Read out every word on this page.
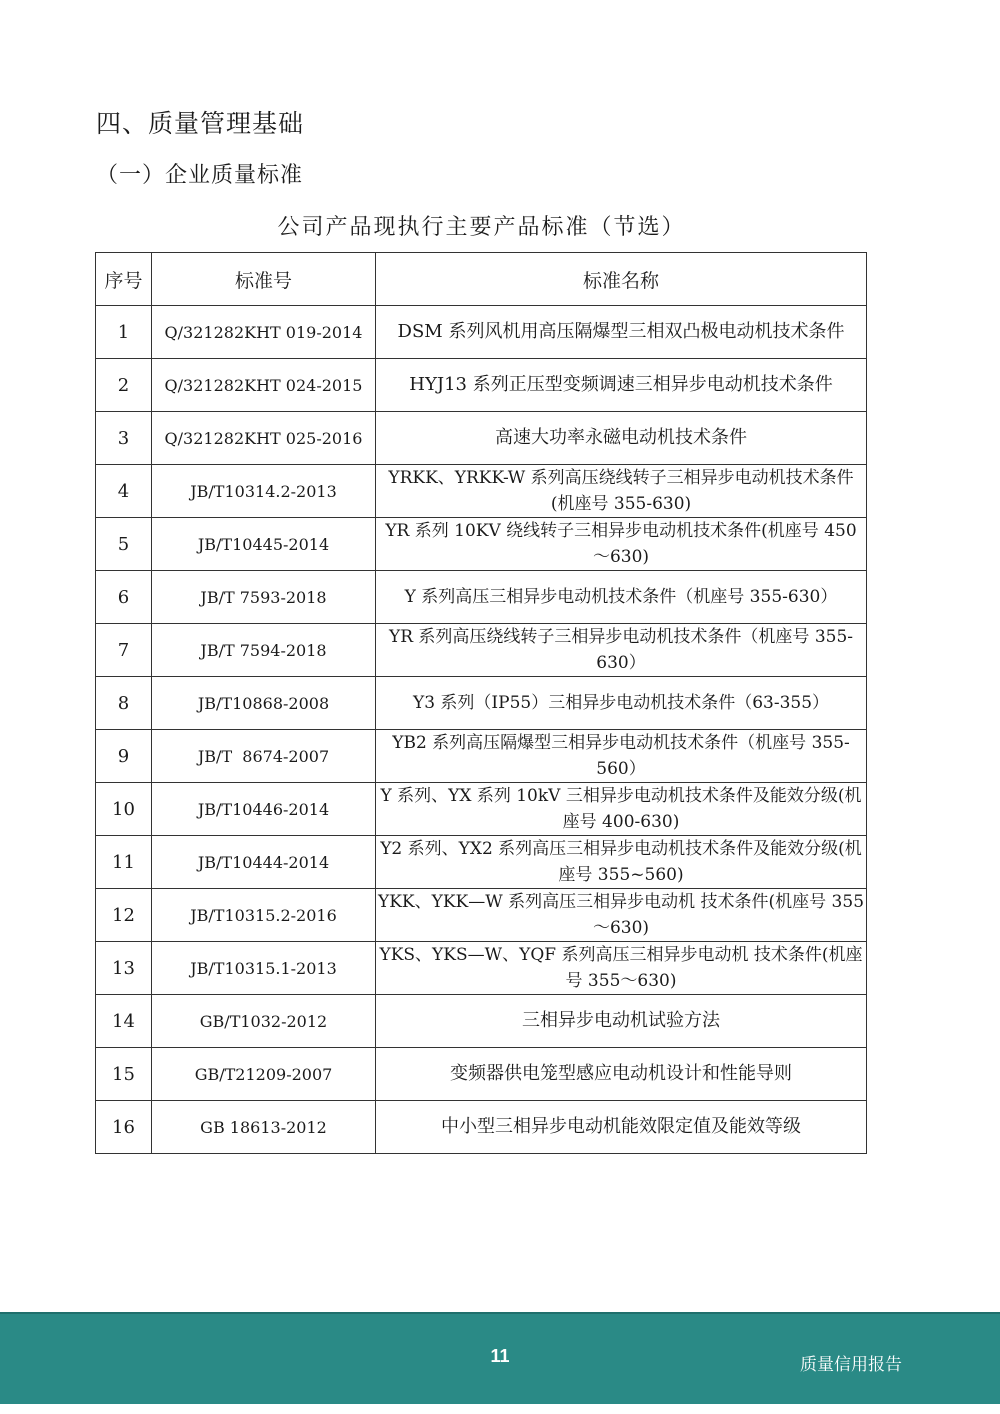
四、质量管理基础
（一）企业质量标准
公司产品现执行主要产品标准（节选）
序号	标准号	标准名称
1	Q/321282KHT 019-2014	DSM 系列风机用高压隔爆型三相双凸极电动机技术条件
2	Q/321282KHT 024-2015	HYJ13 系列正压型变频调速三相异步电动机技术条件
3	Q/321282KHT 025-2016	高速大功率永磁电动机技术条件
4	JB/T10314.2-2013	YRKK、YRKK-W 系列高压绕线转子三相异步电动机技术条件(机座号 355-630)
5	JB/T10445-2014	YR 系列 10KV 绕线转子三相异步电动机技术条件(机座号 450～630)
6	JB/T 7593-2018	Y 系列高压三相异步电动机技术条件（机座号 355-630）
7	JB/T 7594-2018	YR 系列高压绕线转子三相异步电动机技术条件（机座号 355-630）
8	JB/T10868-2008	Y3 系列（IP55）三相异步电动机技术条件（63-355）
9	JB/T  8674-2007	YB2 系列高压隔爆型三相异步电动机技术条件（机座号 355-560）
10	JB/T10446-2014	Y 系列、YX 系列 10kV 三相异步电动机技术条件及能效分级(机座号 400-630)
11	JB/T10444-2014	Y2 系列、YX2 系列高压三相异步电动机技术条件及能效分级(机座号 355~560)
12	JB/T10315.2-2016	YKK、YKK—W 系列高压三相异步电动机 技术条件(机座号 355～630)
13	JB/T10315.1-2013	YKS、YKS—W、YQF 系列高压三相异步电动机 技术条件(机座号 355～630)
14	GB/T1032-2012	三相异步电动机试验方法
15	GB/T21209-2007	变频器供电笼型感应电动机设计和性能导则
16	GB 18613-2012	中小型三相异步电动机能效限定值及能效等级
11	质量信用报告
